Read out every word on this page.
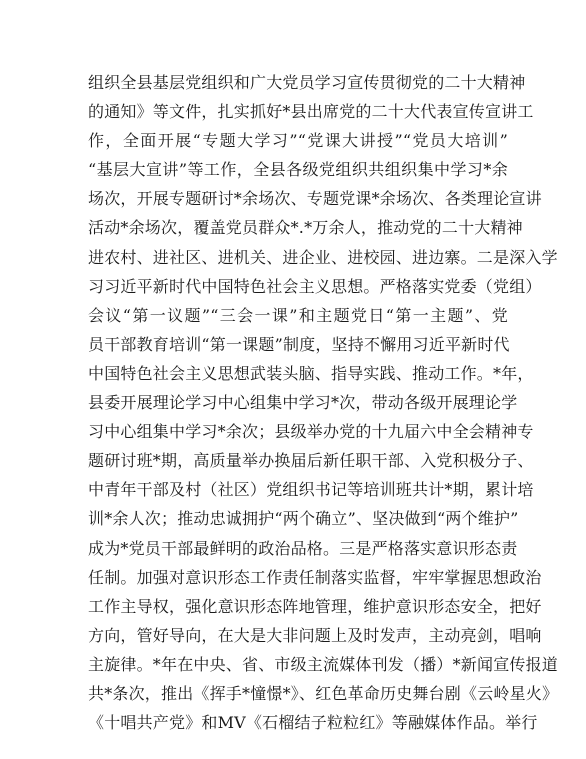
组织全县基层党组织和广大党员学习宣传贯彻党的二十大精神
的通知》等文件，扎实抓好*县出席党的二十大代表宣传宣讲工
作，全面开展“专题大学习”“党课大讲授”“党员大培训”
“基层大宣讲”等工作，全县各级党组织共组织集中学习*余
场次，开展专题研讨*余场次、专题党课*余场次、各类理论宣讲
活动*余场次，覆盖党员群众*.*万余人，推动党的二十大精神
进农村、进社区、进机关、进企业、进校园、进边寨。二是深入学
习习近平新时代中国特色社会主义思想。严格落实党委（党组）
会议“第一议题”“三会一课”和主题党日“第一主题”、党
员干部教育培训“第一课题”制度，坚持不懈用习近平新时代
中国特色社会主义思想武装头脑、指导实践、推动工作。*年，
县委开展理论学习中心组集中学习*次，带动各级开展理论学
习中心组集中学习*余次；县级举办党的十九届六中全会精神专
题研讨班*期，高质量举办换届后新任职干部、入党积极分子、
中青年干部及村（社区）党组织书记等培训班共计*期，累计培
训*余人次；推动忠诚拥护“两个确立”、坚决做到“两个维护”
成为*党员干部最鲜明的政治品格。三是严格落实意识形态责
任制。加强对意识形态工作责任制落实监督，牢牢掌握思想政治
工作主导权，强化意识形态阵地管理，维护意识形态安全，把好
方向，管好导向，在大是大非问题上及时发声，主动亮剑，唱响
主旋律。*年在中央、省、市级主流媒体刊发（播）*新闻宣传报道
共*条次，推出《挥手*憧憬*》、红色革命历史舞台剧《云岭星火》
《十唱共产党》和MV《石榴结子粒粒红》等融媒体作品。举行
